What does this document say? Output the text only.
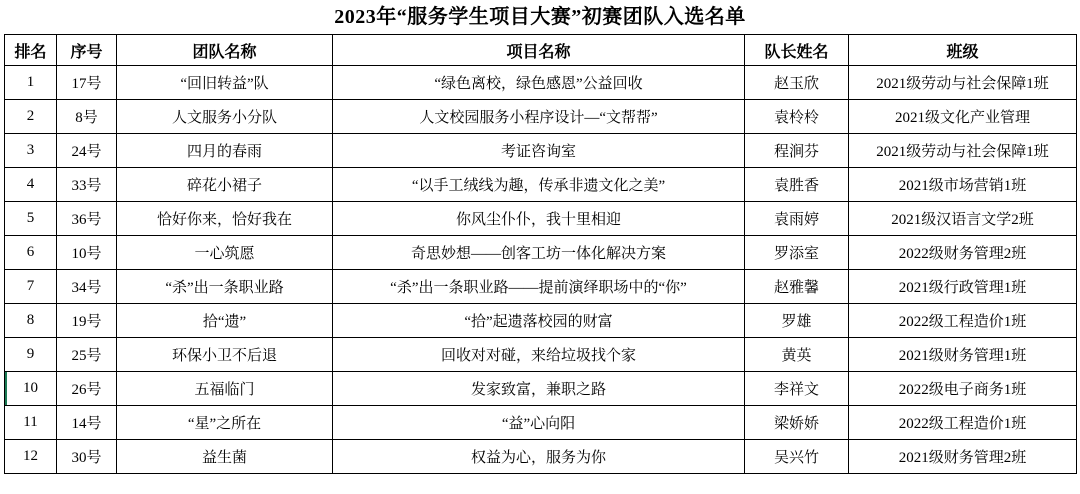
2023年“服务学生项目大赛”初赛团队入选名单
排名	序号	团队名称	项目名称	队长姓名	班级
1	17号	“回旧转益”队	“绿色离校，绿色感恩”公益回收	赵玉欣	2021级劳动与社会保障1班
2	8号	人文服务小分队	人文校园服务小程序设计—“文帮帮”	袁柃柃	2021级文化产业管理
3	24号	四月的春雨	考证咨询室	程涧芬	2021级劳动与社会保障1班
4	33号	碎花小裙子	“以手工绒线为趣，传承非遗文化之美”	袁胜香	2021级市场营销1班
5	36号	恰好你来，恰好我在	你风尘仆仆，我十里相迎	袁雨婷	2021级汉语言文学2班
6	10号	一心筑愿	奇思妙想——创客工坊一体化解决方案	罗添室	2022级财务管理2班
7	34号	“杀”出一条职业路	“杀”出一条职业路——提前演绎职场中的“你”	赵雅馨	2021级行政管理1班
8	19号	拾“遗”	“拾”起遗落校园的财富	罗雄	2022级工程造价1班
9	25号	环保小卫不后退	回收对对碰，来给垃圾找个家	黄英	2021级财务管理1班
10	26号	五福临门	发家致富，兼职之路	李祥文	2022级电子商务1班
11	14号	“星”之所在	“益”心向阳	梁娇娇	2022级工程造价1班
12	30号	益生菌	权益为心，服务为你	吴兴竹	2021级财务管理2班
